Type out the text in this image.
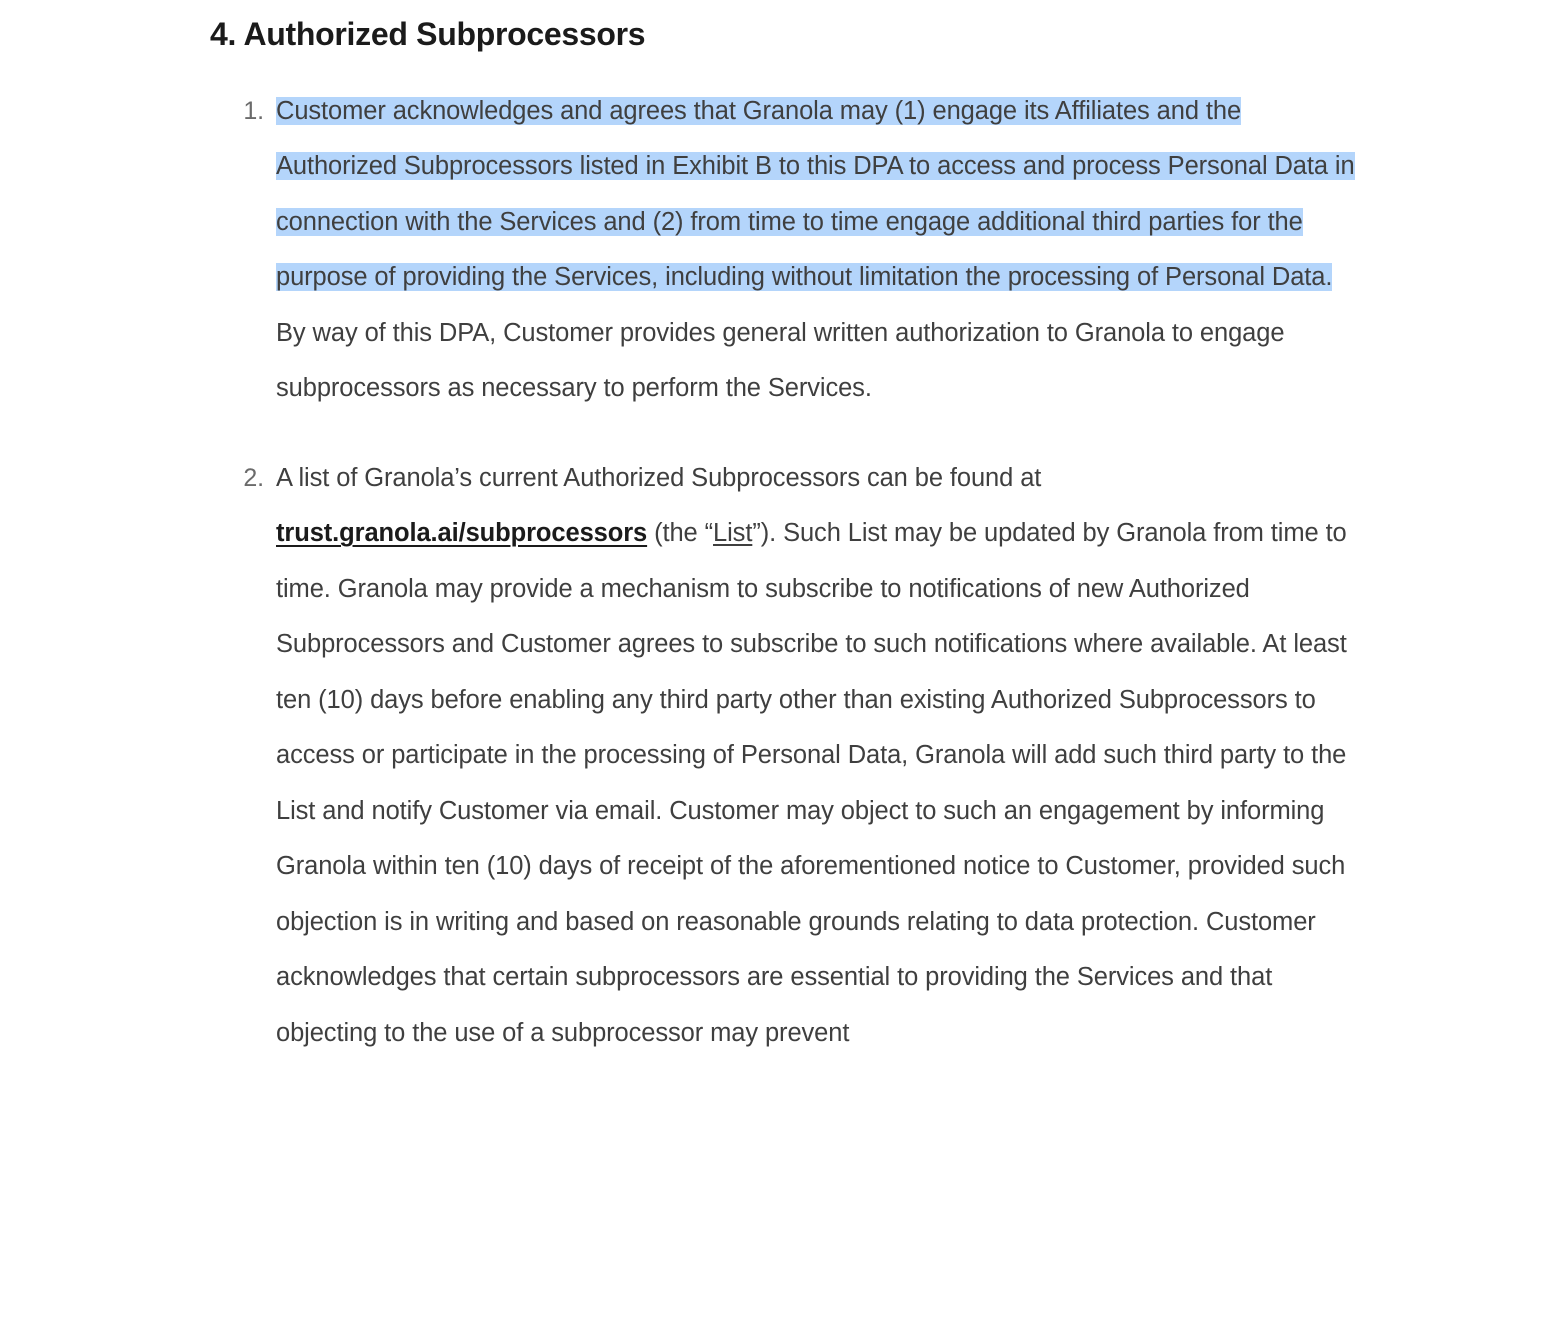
4. Authorized Subprocessors
Customer acknowledges and agrees that Granola may (1) engage its Affiliates and the Authorized Subprocessors listed in Exhibit B to this DPA to access and process Personal Data in connection with the Services and (2) from time to time engage additional third parties for the purpose of providing the Services, including without limitation the processing of Personal Data. By way of this DPA, Customer provides general written authorization to Granola to engage subprocessors as necessary to perform the Services.
A list of Granola’s current Authorized Subprocessors can be found at trust.granola.ai/subprocessors (the “List”). Such List may be updated by Granola from time to time. Granola may provide a mechanism to subscribe to notifications of new Authorized Subprocessors and Customer agrees to subscribe to such notifications where available. At least ten (10) days before enabling any third party other than existing Authorized Subprocessors to access or participate in the processing of Personal Data, Granola will add such third party to the List and notify Customer via email. Customer may object to such an engagement by informing Granola within ten (10) days of receipt of the aforementioned notice to Customer, provided such objection is in writing and based on reasonable grounds relating to data protection. Customer acknowledges that certain subprocessors are essential to providing the Services and that objecting to the use of a subprocessor may prevent
